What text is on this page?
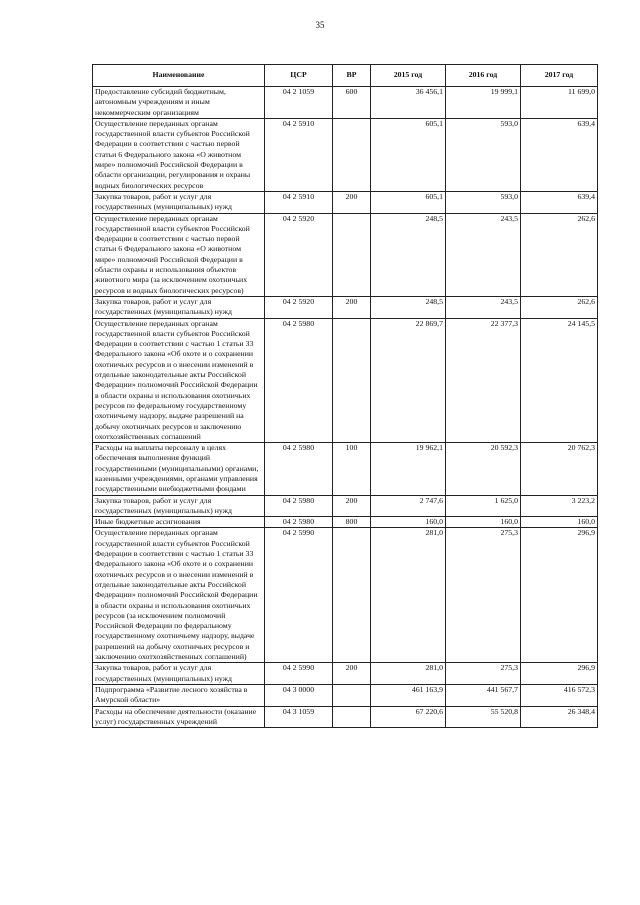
35
Наименование	ЦСР	ВР	2015 год	2016 год	2017 год
Предоставление субсидий бюджетным, автономным учреждениям и иным некоммерческим организациям	04 2 1059	600	36 456,1	19 999,1	11 699,0
Осуществление переданных органам государственной власти субъектов Российской Федерации в соответствии с частью первой статьи 6 Федерального закона «О животном мире» полномочий Российской Федерации в области организации, регулирования и охраны водных биологических ресурсов	04 2 5910		605,1	593,0	639,4
Закупка товаров, работ и услуг для государственных (муниципальных) нужд	04 2 5910	200	605,1	593,0	639,4
Осуществление переданных органам государственной власти субъектов Российской Федерации в соответствии с частью первой статьи 6 Федерального закона «О животном мире» полномочий Российской Федерации в области охраны и использования объектов животного мира (за исключением охотничьих ресурсов и водных биологических ресурсов)	04 2 5920		248,5	243,5	262,6
Закупка товаров, работ и услуг для государственных (муниципальных) нужд	04 2 5920	200	248,5	243,5	262,6
Осуществление переданных органам государственной власти субъектов Российской Федерации в соответствии с частью 1 статьи 33 Федерального закона «Об охоте и о сохранении охотничьих ресурсов и о внесении изменений в отдельные законодательные акты Российской Федерации» полномочий Российской Федерации в области охраны и использования охотничьих ресурсов по федеральному государственному охотничьему надзору, выдаче разрешений на добычу охотничьих ресурсов и заключению охотхозяйственных соглашений	04 2 5980		22 869,7	22 377,3	24 145,5
Расходы на выплаты персоналу в целях обеспечения выполнения функций государственными (муниципальными) органами, казенными учреждениями, органами управления государственными внебюджетными фондами	04 2 5980	100	19 962,1	20 592,3	20 762,3
Закупка товаров, работ и услуг для государственных (муниципальных) нужд	04 2 5980	200	2 747,6	1 625,0	3 223,2
Иные бюджетные ассигнования	04 2 5980	800	160,0	160,0	160,0
Осуществление переданных органам государственной власти субъектов Российской Федерации в соответствии с частью 1 статьи 33 Федерального закона «Об охоте и о сохранении охотничьих ресурсов и о внесении изменений в отдельные законодательные акты Российской Федерации» полномочий Российской Федерации в области охраны и использования охотничьих ресурсов (за исключением полномочий Российской Федерации по федеральному государственному охотничьему надзору, выдаче разрешений на добычу охотничьих ресурсов и заключению охотхозяйственных соглашений)	04 2 5990		281,0	275,3	296,9
Закупка товаров, работ и услуг для государственных (муниципальных) нужд	04 2 5990	200	281,0	275,3	296,9
Подпрограмма «Развитие лесного хозяйства в Амурской области»	04 3 0000		461 163,9	441 567,7	416 572,3
Расходы на обеспечение деятельности (оказание услуг) государственных учреждений	04 3 1059		67 220,6	55 520,8	26 348,4
